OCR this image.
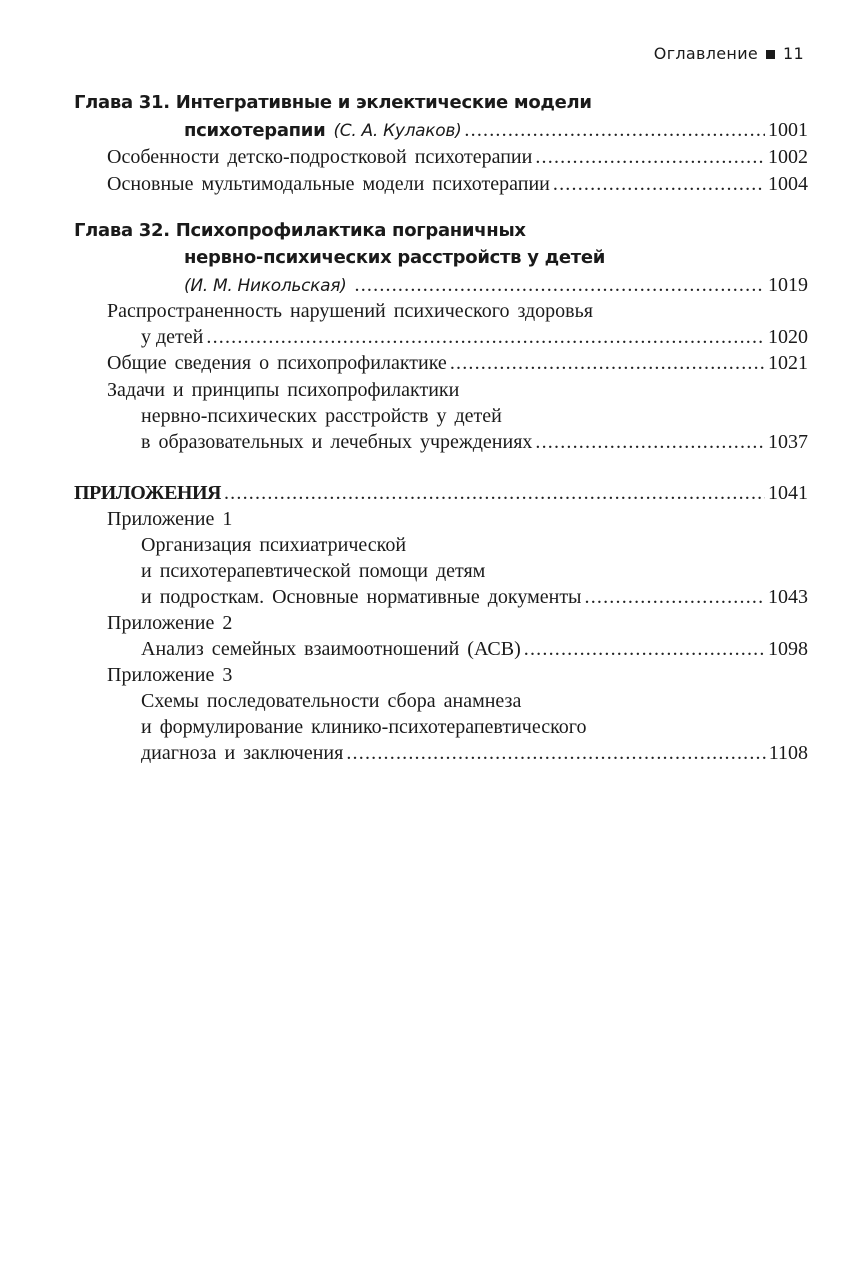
Оглавление 11
Глава 31. Интегративные и эклектические модели
психотерапии (С. А. Кулаков) .....	1001
Особенности детско-подростковой психотерапии .....	1002
Основные мультимодальные модели психотерапии .....	1004
Глава 32. Психопрофилактика пограничных
нервно-психических расстройств у детей
(И. М. Никольская) .....	1019
Распространенность нарушений психического здоровья
у детей .....	1020
Общие сведения о психопрофилактике .....	1021
Задачи и принципы психопрофилактики
нервно-психических расстройств у детей
в образовательных и лечебных учреждениях .....	1037
ПРИЛОЖЕНИЯ .....	1041
Приложение 1
Организация психиатрической
и психотерапевтической помощи детям
и подросткам. Основные нормативные документы .....	1043
Приложение 2
Анализ семейных взаимоотношений (АСВ) .....	1098
Приложение 3
Схемы последовательности сбора анамнеза
и формулирование клинико-психотерапевтического
диагноза и заключения .....	1108
